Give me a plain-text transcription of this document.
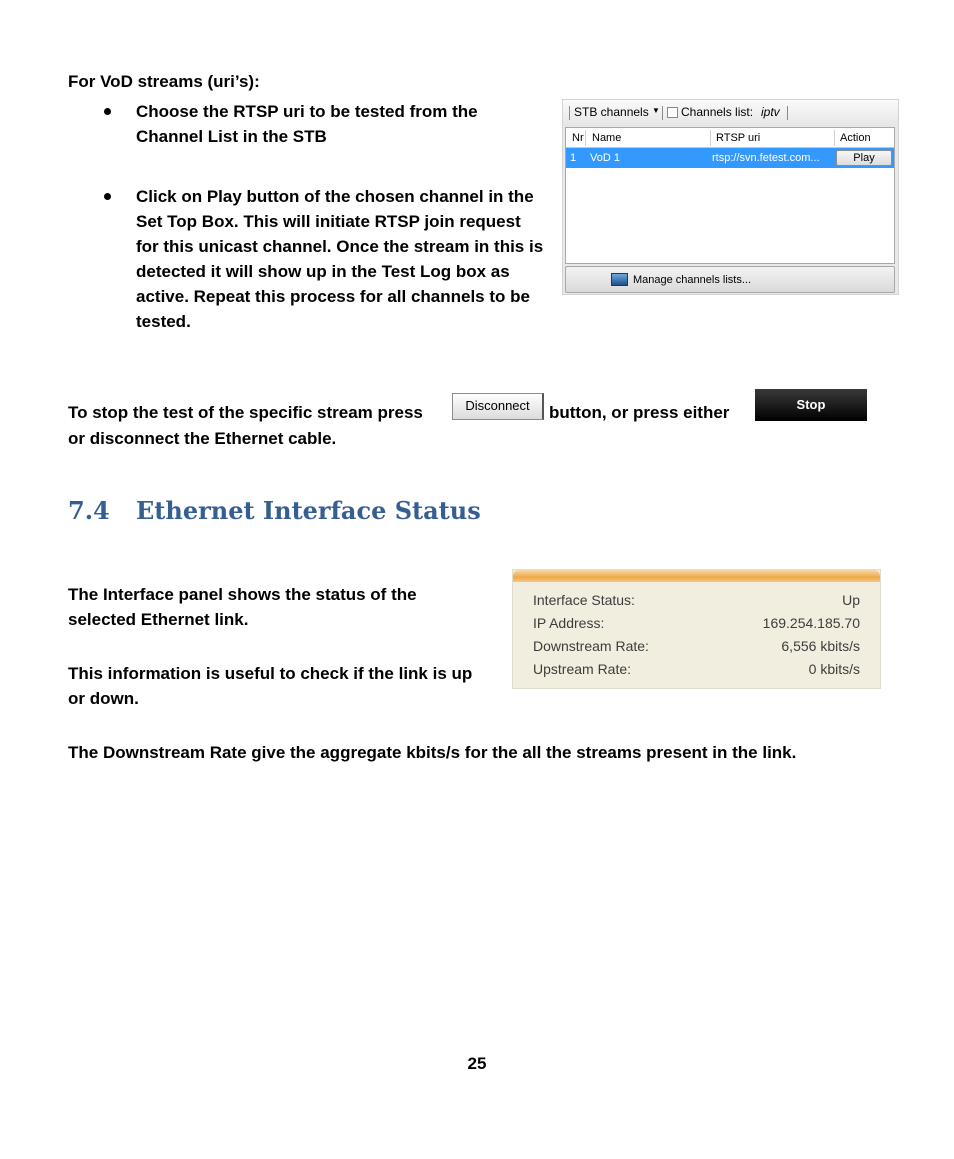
For VoD streams (uri’s):
Choose the RTSP uri to be tested from the Channel List in the STB
Click on Play button of the chosen channel in the Set Top Box. This will initiate RTSP join request for this unicast channel. Once the stream in this is detected it will show up in the Test Log box as active. Repeat this process for all channels to be tested.
STB channels ▼ Channels list: iptv
Nr Name	RTSP uri	Action
1 VoD 1	rtsp://svn.fetest.com...	Play
Manage channels lists...
To stop the test of the specific stream press	Disconnect	button, or press either	Stop
or disconnect the Ethernet cable.
7.4 Ethernet Interface Status
The Interface panel shows the status of the selected Ethernet link.
This information is useful to check if the link is up or down.
Interface Status:	Up
IP Address:	169.254.185.70
Downstream Rate:	6,556 kbits/s
Upstream Rate:	0 kbits/s
The Downstream Rate give the aggregate kbits/s for the all the streams present in the link.
25
